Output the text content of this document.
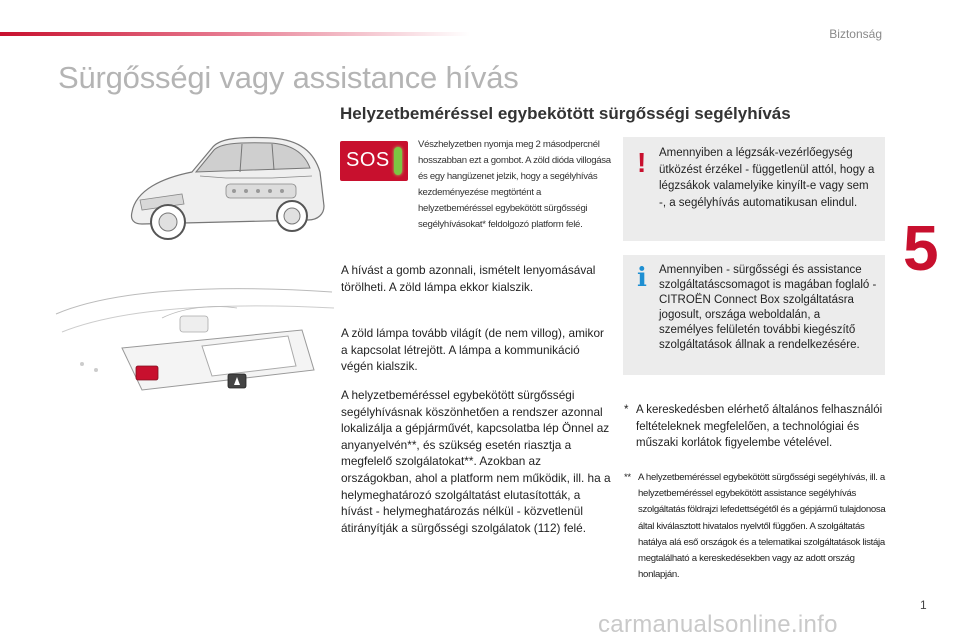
Biztonság
Sürgősségi vagy assistance hívás
5
Helyzetbeméréssel egybekötött sürgősségi segélyhívás
SOS
Vészhelyzetben nyomja meg 2 másodpercnél hosszabban ezt a gombot. A zöld dióda villogása és egy hangüzenet jelzik, hogy a segélyhívás kezdeményezése megtörtént a helyzetbeméréssel egybekötött sürgősségi segélyhívásokat* feldolgozó platform felé.
A hívást a gomb azonnali, ismételt lenyomásával törölheti. A zöld lámpa ekkor kialszik.
A zöld lámpa tovább világít (de nem villog), amikor a kapcsolat létrejött. A lámpa a kommunikáció végén kialszik.
A helyzetbeméréssel egybekötött sürgősségi segélyhívásnak köszönhetően a rendszer azonnal lokalizálja a gépjárművét, kapcsolatba lép Önnel az anyanyelvén**, és szükség esetén riasztja a megfelelő szolgálatokat**. Azokban az országokban, ahol a platform nem működik, ill. ha a helymeghatározó szolgáltatást elutasították, a hívást - helymeghatározás nélkül - közvetlenül átirányítják a sürgősségi szolgálatok (112) felé.
! Amennyiben a légzsák-vezérlőegység ütközést érzékel - függetlenül attól, hogy a légzsákok valamelyike kinyílt-e vagy sem -, a segélyhívás automatikusan elindul.
i Amennyiben - sürgősségi és assistance szolgáltatáscsomagot is magában foglaló - CITROËN Connect Box szolgáltatásra jogosult, országa weboldalán, a személyes felületén további kiegészítő szolgáltatások állnak a rendelkezésére.
* A kereskedésben elérhető általános felhasználói feltételeknek megfelelően, a technológiai és műszaki korlátok figyelembe vételével.
** A helyzetbeméréssel egybekötött sürgősségi segélyhívás, ill. a helyzetbeméréssel egybekötött assistance segélyhívás szolgáltatás földrajzi lefedettségétől és a gépjármű tulajdonosa által kiválasztott hivatalos nyelvtől függően. A szolgáltatás hatálya alá eső országok és a telematikai szolgáltatások listája megtalálható a kereskedésekben vagy az adott ország honlapján.
1
carmanualsonline.info
